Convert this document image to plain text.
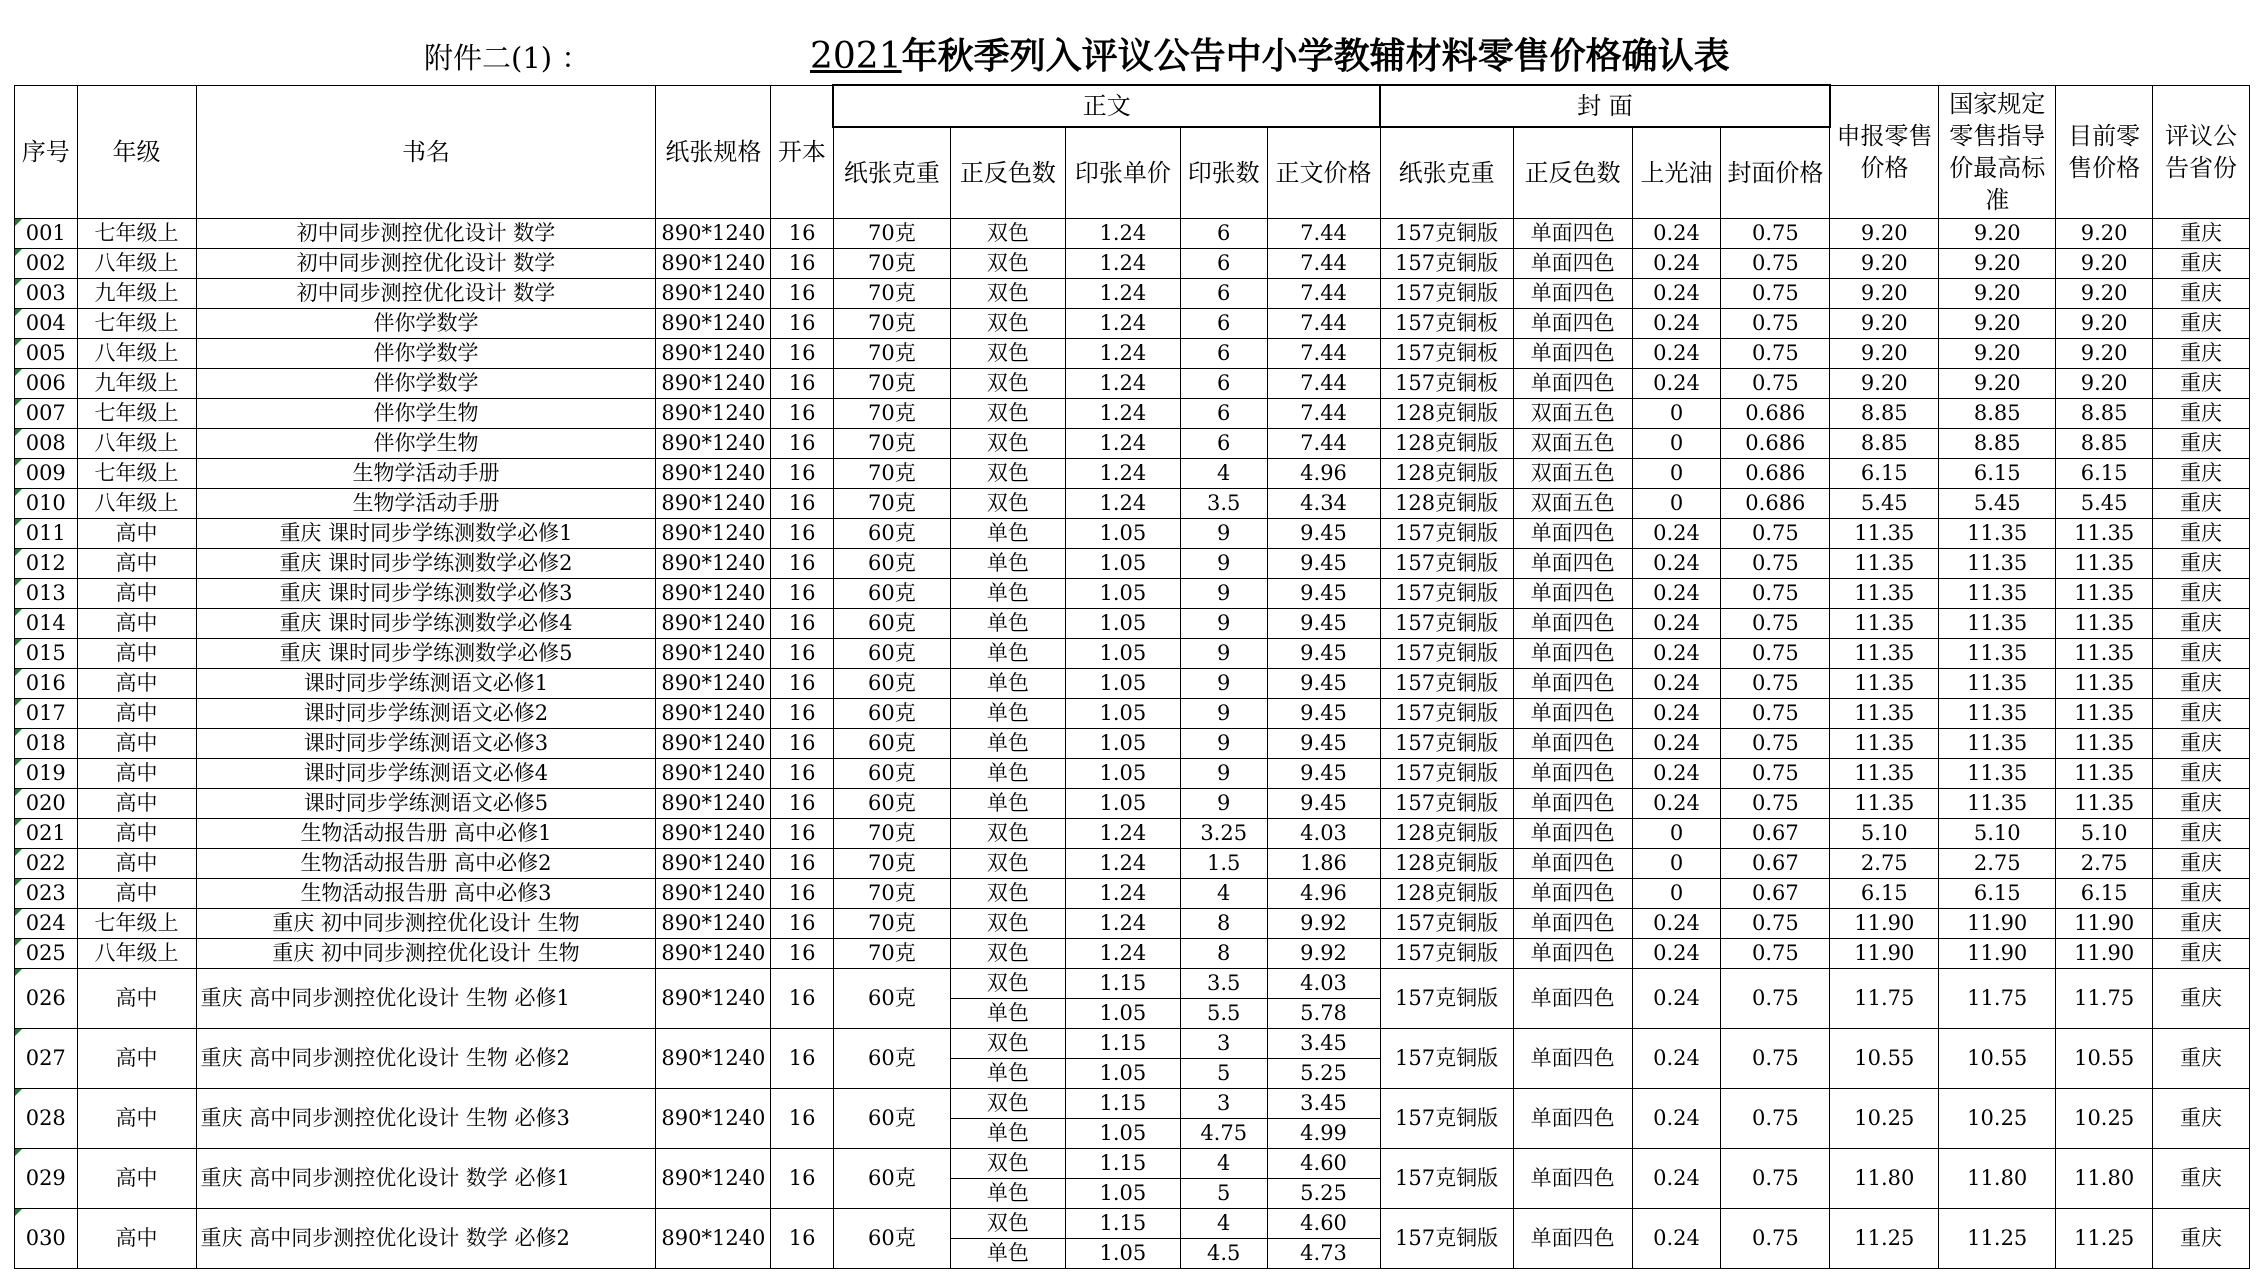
附件二(1) ：	2021年秋季列入评议公告中小学教辅材料零售价格确认表
序号	年级	书名	纸张规格	开本	正文					封 面				申报零售价格	国家规定零售指导价最高标准	目前零售价格	评议公告省份
					纸张克重	正反色数	印张单价	印张数	正文价格	纸张克重	正反色数	上光油	封面价格				
001	七年级上	初中同步测控优化设计 数学	890*1240	16	70克	双色	1.24	6	7.44	157克铜版	单面四色	0.24	0.75	9.20	9.20	9.20	重庆
002	八年级上	初中同步测控优化设计 数学	890*1240	16	70克	双色	1.24	6	7.44	157克铜版	单面四色	0.24	0.75	9.20	9.20	9.20	重庆
003	九年级上	初中同步测控优化设计 数学	890*1240	16	70克	双色	1.24	6	7.44	157克铜版	单面四色	0.24	0.75	9.20	9.20	9.20	重庆
004	七年级上	伴你学数学	890*1240	16	70克	双色	1.24	6	7.44	157克铜板	单面四色	0.24	0.75	9.20	9.20	9.20	重庆
005	八年级上	伴你学数学	890*1240	16	70克	双色	1.24	6	7.44	157克铜板	单面四色	0.24	0.75	9.20	9.20	9.20	重庆
006	九年级上	伴你学数学	890*1240	16	70克	双色	1.24	6	7.44	157克铜板	单面四色	0.24	0.75	9.20	9.20	9.20	重庆
007	七年级上	伴你学生物	890*1240	16	70克	双色	1.24	6	7.44	128克铜版	双面五色	0	0.686	8.85	8.85	8.85	重庆
008	八年级上	伴你学生物	890*1240	16	70克	双色	1.24	6	7.44	128克铜版	双面五色	0	0.686	8.85	8.85	8.85	重庆
009	七年级上	生物学活动手册	890*1240	16	70克	双色	1.24	4	4.96	128克铜版	双面五色	0	0.686	6.15	6.15	6.15	重庆
010	八年级上	生物学活动手册	890*1240	16	70克	双色	1.24	3.5	4.34	128克铜版	双面五色	0	0.686	5.45	5.45	5.45	重庆
011	高中	重庆 课时同步学练测数学必修1	890*1240	16	60克	单色	1.05	9	9.45	157克铜版	单面四色	0.24	0.75	11.35	11.35	11.35	重庆
012	高中	重庆 课时同步学练测数学必修2	890*1240	16	60克	单色	1.05	9	9.45	157克铜版	单面四色	0.24	0.75	11.35	11.35	11.35	重庆
013	高中	重庆 课时同步学练测数学必修3	890*1240	16	60克	单色	1.05	9	9.45	157克铜版	单面四色	0.24	0.75	11.35	11.35	11.35	重庆
014	高中	重庆 课时同步学练测数学必修4	890*1240	16	60克	单色	1.05	9	9.45	157克铜版	单面四色	0.24	0.75	11.35	11.35	11.35	重庆
015	高中	重庆 课时同步学练测数学必修5	890*1240	16	60克	单色	1.05	9	9.45	157克铜版	单面四色	0.24	0.75	11.35	11.35	11.35	重庆
016	高中	课时同步学练测语文必修1	890*1240	16	60克	单色	1.05	9	9.45	157克铜版	单面四色	0.24	0.75	11.35	11.35	11.35	重庆
017	高中	课时同步学练测语文必修2	890*1240	16	60克	单色	1.05	9	9.45	157克铜版	单面四色	0.24	0.75	11.35	11.35	11.35	重庆
018	高中	课时同步学练测语文必修3	890*1240	16	60克	单色	1.05	9	9.45	157克铜版	单面四色	0.24	0.75	11.35	11.35	11.35	重庆
019	高中	课时同步学练测语文必修4	890*1240	16	60克	单色	1.05	9	9.45	157克铜版	单面四色	0.24	0.75	11.35	11.35	11.35	重庆
020	高中	课时同步学练测语文必修5	890*1240	16	60克	单色	1.05	9	9.45	157克铜版	单面四色	0.24	0.75	11.35	11.35	11.35	重庆
021	高中	生物活动报告册 高中必修1	890*1240	16	70克	双色	1.24	3.25	4.03	128克铜版	单面四色	0	0.67	5.10	5.10	5.10	重庆
022	高中	生物活动报告册 高中必修2	890*1240	16	70克	双色	1.24	1.5	1.86	128克铜版	单面四色	0	0.67	2.75	2.75	2.75	重庆
023	高中	生物活动报告册 高中必修3	890*1240	16	70克	双色	1.24	4	4.96	128克铜版	单面四色	0	0.67	6.15	6.15	6.15	重庆
024	七年级上	重庆 初中同步测控优化设计 生物	890*1240	16	70克	双色	1.24	8	9.92	157克铜版	单面四色	0.24	0.75	11.90	11.90	11.90	重庆
025	八年级上	重庆 初中同步测控优化设计 生物	890*1240	16	70克	双色	1.24	8	9.92	157克铜版	单面四色	0.24	0.75	11.90	11.90	11.90	重庆
026	高中	重庆 高中同步测控优化设计 生物 必修1	890*1240	16	60克	双色	1.15	3.5	4.03	157克铜版	单面四色	0.24	0.75	11.75	11.75	11.75	重庆
						单色	1.05	5.5	5.78								
027	高中	重庆 高中同步测控优化设计 生物 必修2	890*1240	16	60克	双色	1.15	3	3.45	157克铜版	单面四色	0.24	0.75	10.55	10.55	10.55	重庆
						单色	1.05	5	5.25								
028	高中	重庆 高中同步测控优化设计 生物 必修3	890*1240	16	60克	双色	1.15	3	3.45	157克铜版	单面四色	0.24	0.75	10.25	10.25	10.25	重庆
						单色	1.05	4.75	4.99								
029	高中	重庆 高中同步测控优化设计 数学 必修1	890*1240	16	60克	双色	1.15	4	4.60	157克铜版	单面四色	0.24	0.75	11.80	11.80	11.80	重庆
						单色	1.05	5	5.25								
030	高中	重庆 高中同步测控优化设计 数学 必修2	890*1240	16	60克	双色	1.15	4	4.60	157克铜版	单面四色	0.24	0.75	11.25	11.25	11.25	重庆
						单色	1.05	4.5	4.73								
